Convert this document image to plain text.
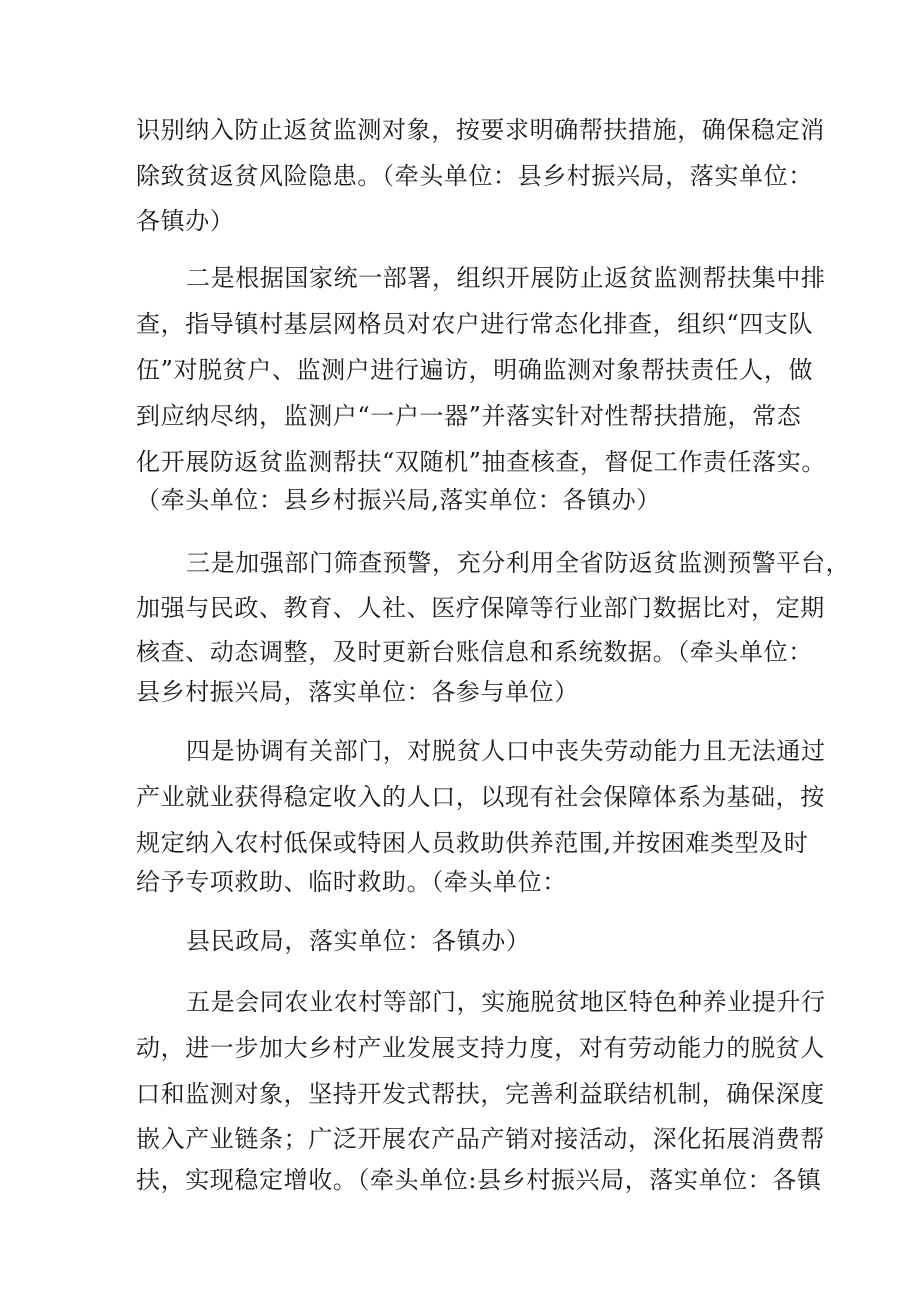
识别纳入防止返贫监测对象，按要求明确帮扶措施，确保稳定消
除致贫返贫风险隐患。（牵头单位：县乡村振兴局，落实单位：
各镇办）
二是根据国家统一部署，组织开展防止返贫监测帮扶集中排
查，指导镇村基层网格员对农户进行常态化排查，组织“四支队
伍”对脱贫户、监测户进行遍访，明确监测对象帮扶责任人，做
到应纳尽纳，监测户“一户一器”并落实针对性帮扶措施，常态
化开展防返贫监测帮扶“双随机”抽查核查，督促工作责任落实。
（牵头单位：县乡村振兴局,落实单位：各镇办）
三是加强部门筛查预警，充分利用全省防返贫监测预警平台，
加强与民政、教育、人社、医疗保障等行业部门数据比对，定期
核查、动态调整，及时更新台账信息和系统数据。（牵头单位：
县乡村振兴局，落实单位：各参与单位）
四是协调有关部门，对脱贫人口中丧失劳动能力且无法通过
产业就业获得稳定收入的人口，以现有社会保障体系为基础，按
规定纳入农村低保或特困人员救助供养范围,并按困难类型及时
给予专项救助、临时救助。（牵头单位：
县民政局，落实单位：各镇办）
五是会同农业农村等部门，实施脱贫地区特色种养业提升行
动，进一步加大乡村产业发展支持力度，对有劳动能力的脱贫人
口和监测对象，坚持开发式帮扶，完善利益联结机制，确保深度
嵌入产业链条；广泛开展农产品产销对接活动，深化拓展消费帮
扶，实现稳定增收。（牵头单位:县乡村振兴局，落实单位：各镇
